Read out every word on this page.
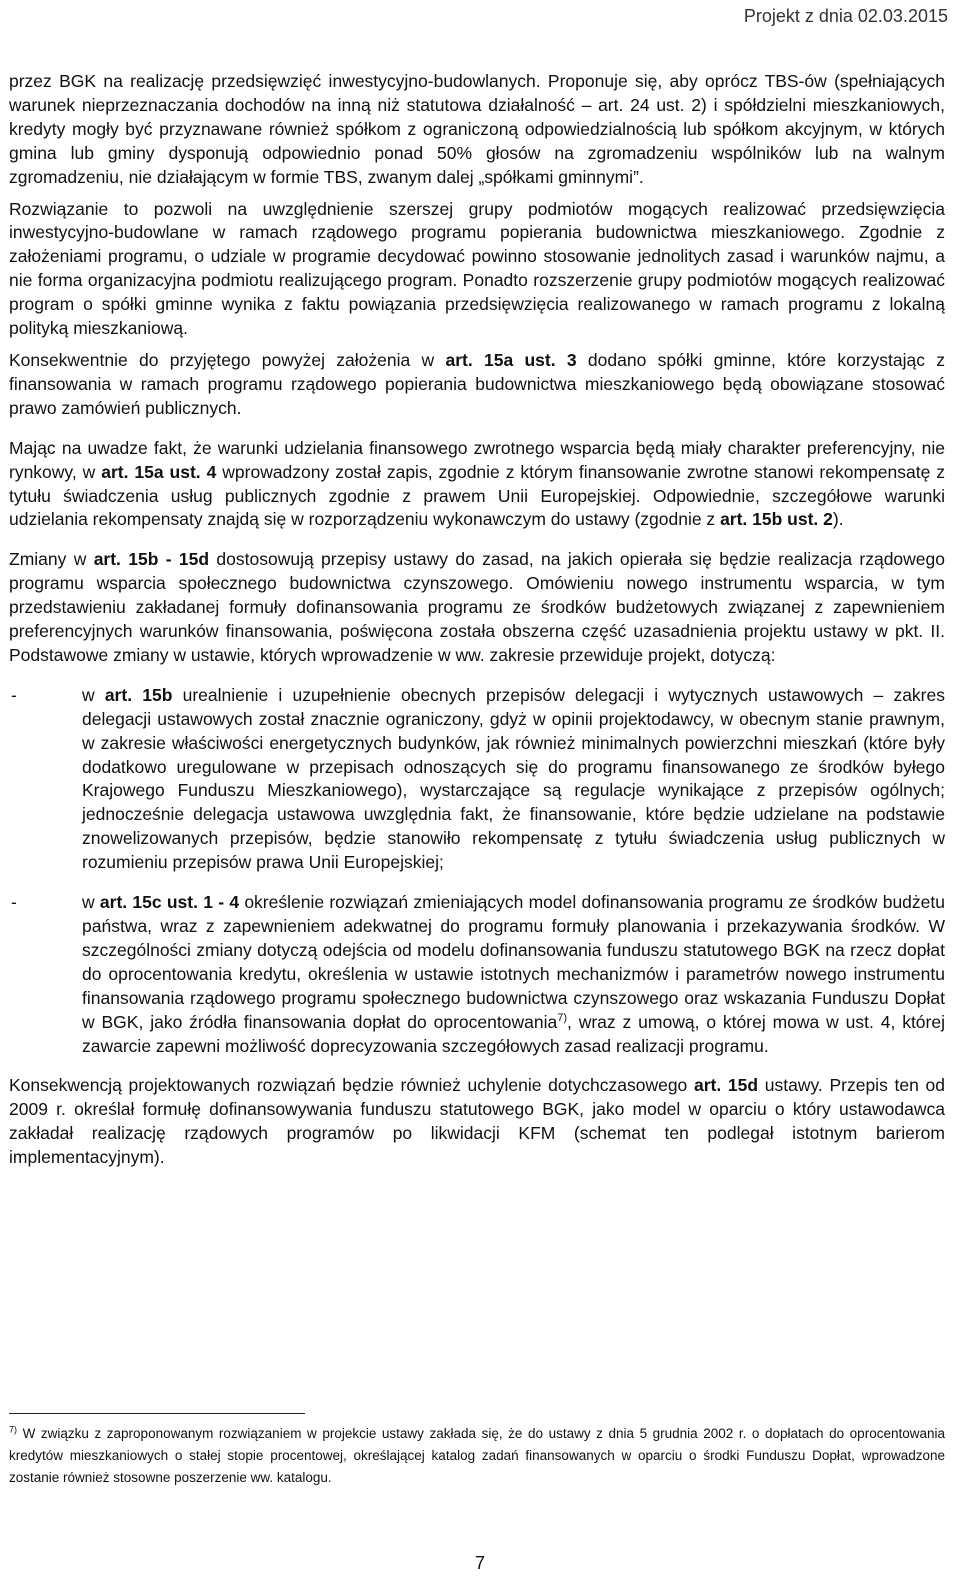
Projekt z dnia 02.03.2015

przez BGK na realizację przedsięwzięć inwestycyjno-budowlanych. Proponuje się, aby oprócz TBS-ów (spełniających warunek nieprzeznaczania dochodów na inną niż statutowa działalność – art. 24 ust. 2) i spółdzielni mieszkaniowych, kredyty mogły być przyznawane również spółkom z ograniczoną odpowiedzialnością lub spółkom akcyjnym, w których gmina lub gminy dysponują odpowiednio ponad 50% głosów na zgromadzeniu wspólników lub na walnym zgromadzeniu, nie działającym w formie TBS, zwanym dalej „spółkami gminnymi”.

Rozwiązanie to pozwoli na uwzględnienie szerszej grupy podmiotów mogących realizować przedsięwzięcia inwestycyjno-budowlane w ramach rządowego programu popierania budownictwa mieszkaniowego. Zgodnie z założeniami programu, o udziale w programie decydować powinno stosowanie jednolitych zasad i warunków najmu, a nie forma organizacyjna podmiotu realizującego program. Ponadto rozszerzenie grupy podmiotów mogących realizować program o spółki gminne wynika z faktu powiązania przedsięwzięcia realizowanego w ramach programu z lokalną polityką mieszkaniową.

Konsekwentnie do przyjętego powyżej założenia w art. 15a ust. 3 dodano spółki gminne, które korzystając z finansowania w ramach programu rządowego popierania budownictwa mieszkaniowego będą obowiązane stosować prawo zamówień publicznych.

Mając na uwadze fakt, że warunki udzielania finansowego zwrotnego wsparcia będą miały charakter preferencyjny, nie rynkowy, w art. 15a ust. 4 wprowadzony został zapis, zgodnie z którym finansowanie zwrotne stanowi rekompensatę z tytułu świadczenia usług publicznych zgodnie z prawem Unii Europejskiej. Odpowiednie, szczegółowe warunki udzielania rekompensaty znajdą się w rozporządzeniu wykonawczym do ustawy (zgodnie z art. 15b ust. 2).

Zmiany w art. 15b - 15d dostosowują przepisy ustawy do zasad, na jakich opierała się będzie realizacja rządowego programu wsparcia społecznego budownictwa czynszowego. Omówieniu nowego instrumentu wsparcia, w tym przedstawieniu zakładanej formuły dofinansowania programu ze środków budżetowych związanej z zapewnieniem preferencyjnych warunków finansowania, poświęcona została obszerna część uzasadnienia projektu ustawy w pkt. II. Podstawowe zmiany w ustawie, których wprowadzenie w ww. zakresie przewiduje projekt, dotyczą:

-	w art. 15b urealnienie i uzupełnienie obecnych przepisów delegacji i wytycznych ustawowych – zakres delegacji ustawowych został znacznie ograniczony, gdyż w opinii projektodawcy, w obecnym stanie prawnym, w zakresie właściwości energetycznych budynków, jak również minimalnych powierzchni mieszkań (które były dodatkowo uregulowane w przepisach odnoszących się do programu finansowanego ze środków byłego Krajowego Funduszu Mieszkaniowego), wystarczające są regulacje wynikające z przepisów ogólnych; jednocześnie delegacja ustawowa uwzględnia fakt, że finansowanie, które będzie udzielane na podstawie znowelizowanych przepisów, będzie stanowiło rekompensatę z tytułu świadczenia usług publicznych w rozumieniu przepisów prawa Unii Europejskiej;
-	w art. 15c ust. 1 - 4 określenie rozwiązań zmieniających model dofinansowania programu ze środków budżetu państwa, wraz z zapewnieniem adekwatnej do programu formuły planowania i przekazywania środków. W szczególności zmiany dotyczą odejścia od modelu dofinansowania funduszu statutowego BGK na rzecz dopłat do oprocentowania kredytu, określenia w ustawie istotnych mechanizmów i parametrów nowego instrumentu finansowania rządowego programu społecznego budownictwa czynszowego oraz wskazania Funduszu Dopłat w BGK, jako źródła finansowania dopłat do oprocentowania$^{7)}$, wraz z umową, o której mowa w ust. 4, której zawarcie zapewni możliwość doprecyzowania szczegółowych zasad realizacji programu.

Konsekwencją projektowanych rozwiązań będzie również uchylenie dotychczasowego art. 15d ustawy. Przepis ten od 2009 r. określał formułę dofinansowywania funduszu statutowego BGK, jako model w oparciu o który ustawodawca zakładał realizację rządowych programów po likwidacji KFM (schemat ten podlegał istotnym barierom implementacyjnym).

$^{7)}$ W związku z zaproponowanym rozwiązaniem w projekcie ustawy zakłada się, że do ustawy z dnia 5 grudnia 2002 r. o dopłatach do oprocentowania kredytów mieszkaniowych o stałej stopie procentowej, określającej katalog zadań finansowanych w oparciu o środki Funduszu Dopłat, wprowadzone zostanie również stosowne poszerzenie ww. katalogu.
7
